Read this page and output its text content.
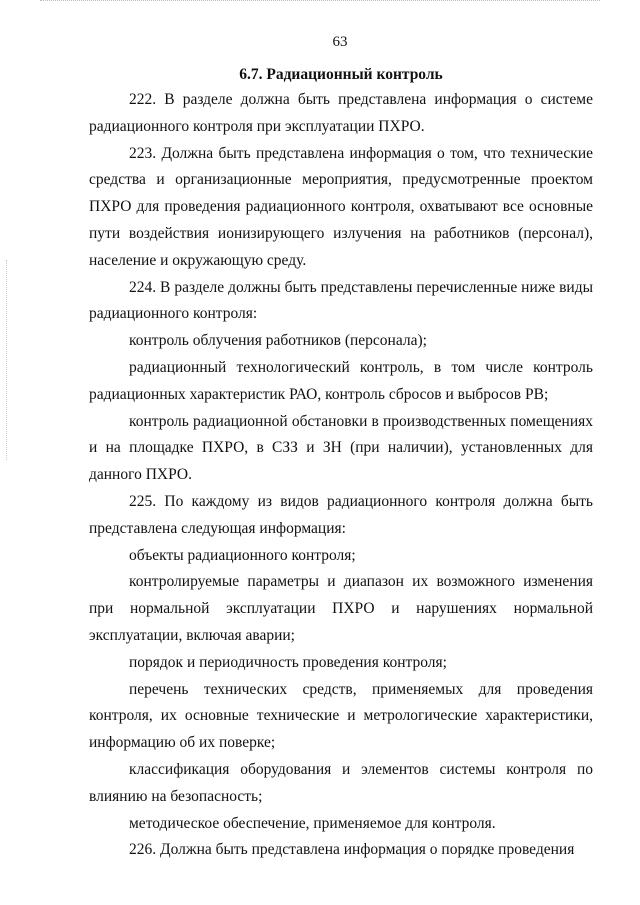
63
6.7. Радиационный контроль

222. В разделе должна быть представлена информация о системе радиационного контроля при эксплуатации ПХРО.

223. Должна быть представлена информация о том, что технические средства и организационные мероприятия, предусмотренные проектом ПХРО для проведения радиационного контроля, охватывают все основные пути воздействия ионизирующего излучения на работников (персонал), население и окружающую среду.

224. В разделе должны быть представлены перечисленные ниже виды радиационного контроля:

контроль облучения работников (персонала);

радиационный технологический контроль, в том числе контроль радиационных характеристик РАО, контроль сбросов и выбросов РВ;

контроль радиационной обстановки в производственных помещениях и на площадке ПХРО, в СЗЗ и ЗН (при наличии), установленных для данного ПХРО.

225. По каждому из видов радиационного контроля должна быть представлена следующая информация:

объекты радиационного контроля;

контролируемые параметры и диапазон их возможного изменения при нормальной эксплуатации ПХРО и нарушениях нормальной эксплуатации, включая аварии;

порядок и периодичность проведения контроля;

перечень технических средств, применяемых для проведения контроля, их основные технические и метрологические характеристики, информацию об их поверке;

классификация оборудования и элементов системы контроля по влиянию на безопасность;

методическое обеспечение, применяемое для контроля.

226. Должна быть представлена информация о порядке проведения
